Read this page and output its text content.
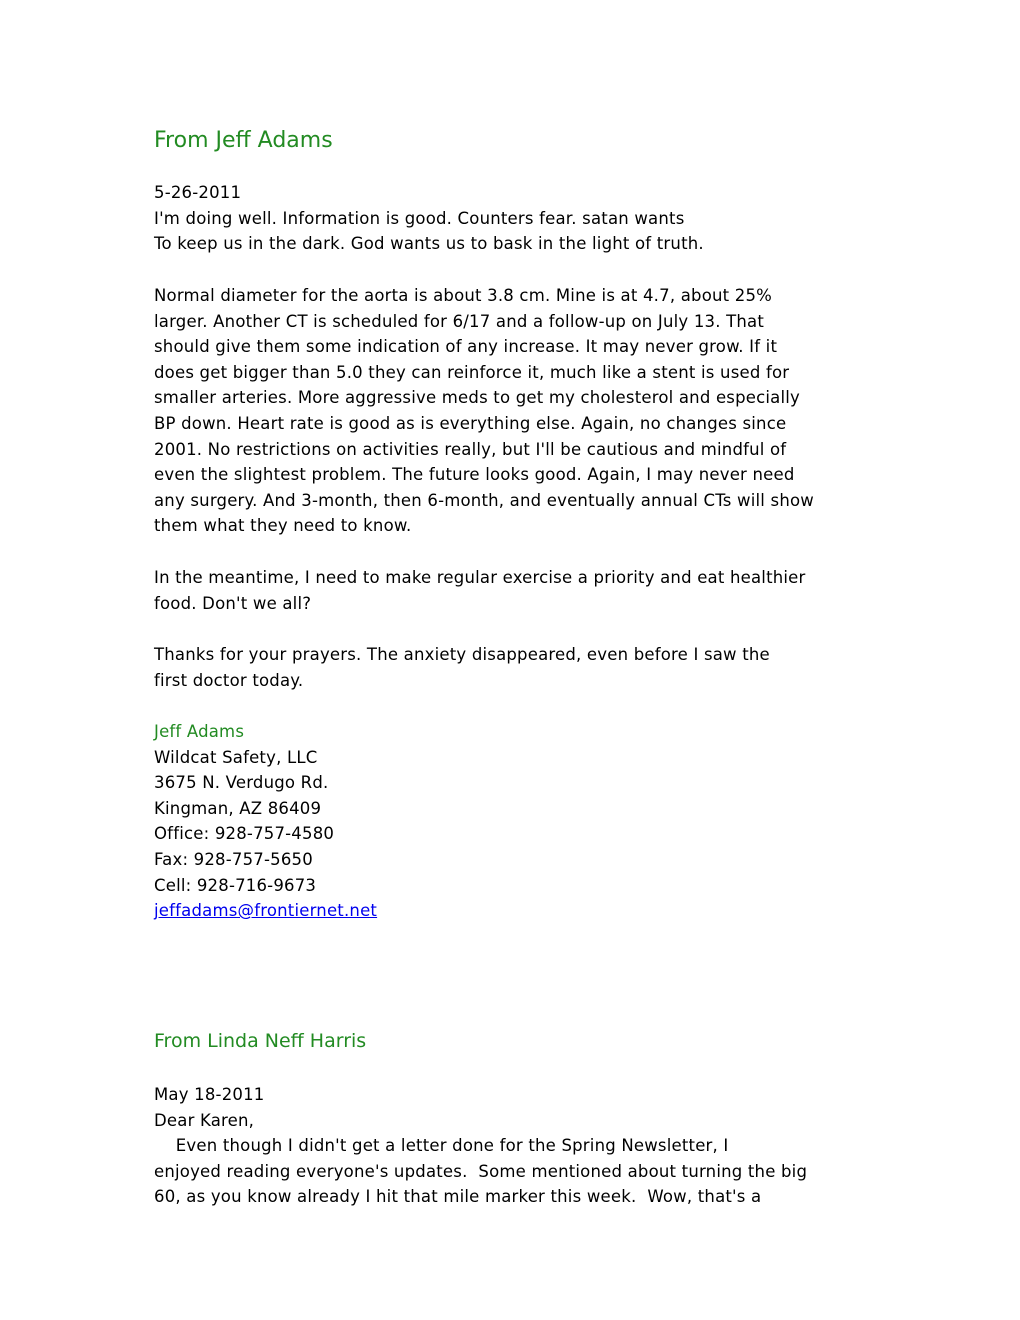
From Jeff Adams
5-26-2011
I'm doing well. Information is good. Counters fear. satan wants
To keep us in the dark. God wants us to bask in the light of truth.
Normal diameter for the aorta is about 3.8 cm. Mine is at 4.7, about 25%
larger. Another CT is scheduled for 6/17 and a follow-up on July 13. That
should give them some indication of any increase. It may never grow. If it
does get bigger than 5.0 they can reinforce it, much like a stent is used for
smaller arteries. More aggressive meds to get my cholesterol and especially
BP down. Heart rate is good as is everything else. Again, no changes since
2001. No restrictions on activities really, but I'll be cautious and mindful of
even the slightest problem. The future looks good. Again, I may never need
any surgery. And 3-month, then 6-month, and eventually annual CTs will show
them what they need to know.
In the meantime, I need to make regular exercise a priority and eat healthier
food. Don't we all?
Thanks for your prayers. The anxiety disappeared, even before I saw the
first doctor today.
Jeff Adams
Wildcat Safety, LLC
3675 N. Verdugo Rd.
Kingman, AZ 86409
Office: 928-757-4580
Fax: 928-757-5650
Cell: 928-716-9673
jeffadams@frontiernet.net
From Linda Neff Harris
May 18-2011
Dear Karen,
Even though I didn't get a letter done for the Spring Newsletter, I
enjoyed reading everyone's updates.  Some mentioned about turning the big
60, as you know already I hit that mile marker this week.  Wow, that's a
